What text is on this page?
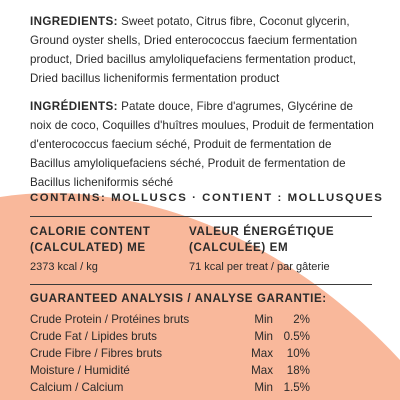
INGREDIENTS: Sweet potato, Citrus fibre, Coconut glycerin, Ground oyster shells, Dried enterococcus faecium fermentation product, Dried bacillus amyloliquefaciens fermentation product, Dried bacillus licheniformis fermentation product
INGRÉDIENTS: Patate douce, Fibre d'agrumes, Glycérine de noix de coco, Coquilles d'huîtres moulues, Produit de fermentation d'enterococcus faecium séché, Produit de fermentation de Bacillus amyloliquefaciens séché, Produit de fermentation de Bacillus licheniformis séché
CONTAINS: MOLLUSCS · CONTIENT : MOLLUSQUES
CALORIE CONTENT
(CALCULATED) ME
2373 kcal / kg
VALEUR ÉNERGÉTIQUE
(CALCULÉE) EM
71 kcal per treat / par gâterie
GUARANTEED ANALYSIS / ANALYSE GARANTIE:
Crude Protein / Protéines bruts	Min 2%
Crude Fat / Lipides bruts	Min 0.5%
Crude Fibre / Fibres bruts	Max 10%
Moisture / Humidité	Max 18%
Calcium / Calcium	Min 1.5%
